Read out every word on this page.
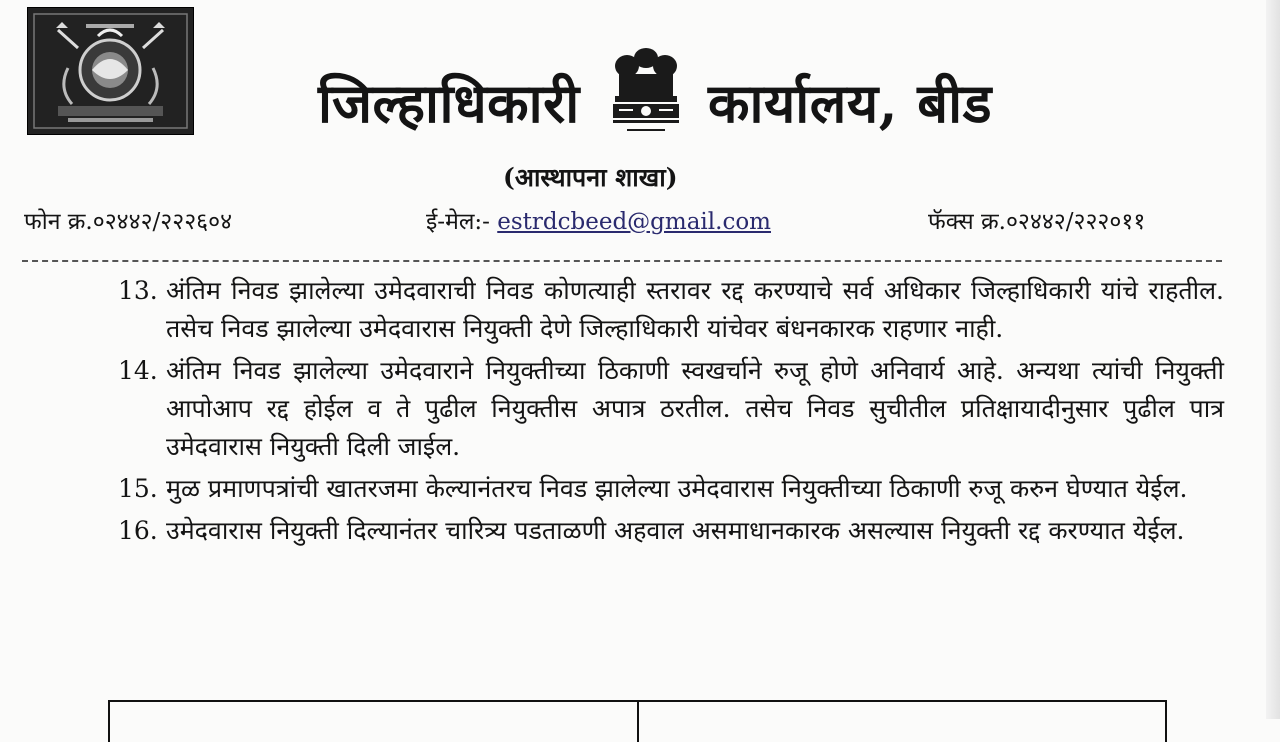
जिल्हाधिकारी कार्यालय, बीड
(आस्थापना शाखा)
फोन क्र.०२४४२/२२२६०४	ई-मेल:- estrdcbeed@gmail.com	फॅक्स क्र.०२४४२/२२२०११
13. अंतिम निवड झालेल्या उमेदवाराची निवड कोणत्याही स्तरावर रद्द करण्याचे सर्व अधिकार जिल्हाधिकारी यांचे राहतील. तसेच निवड झालेल्या उमेदवारास नियुक्ती देणे जिल्हाधिकारी यांचेवर बंधनकारक राहणार नाही.
14. अंतिम निवड झालेल्या उमेदवाराने नियुक्तीच्या ठिकाणी स्वखर्चाने रुजू होणे अनिवार्य आहे. अन्यथा त्यांची नियुक्ती आपोआप रद्द होईल व ते पुढील नियुक्तीस अपात्र ठरतील. तसेच निवड सुचीतील प्रतिक्षायादीनुसार पुढील पात्र उमेदवारास नियुक्ती दिली जाईल.
15. मुळ प्रमाणपत्रांची खातरजमा केल्यानंतरच निवड झालेल्या उमेदवारास नियुक्तीच्या ठिकाणी रुजू करुन घेण्यात येईल.
16. उमेदवारास नियुक्ती दिल्यानंतर चारित्र्य पडताळणी अहवाल असमाधानकारक असल्यास नियुक्ती रद्द करण्यात येईल.
